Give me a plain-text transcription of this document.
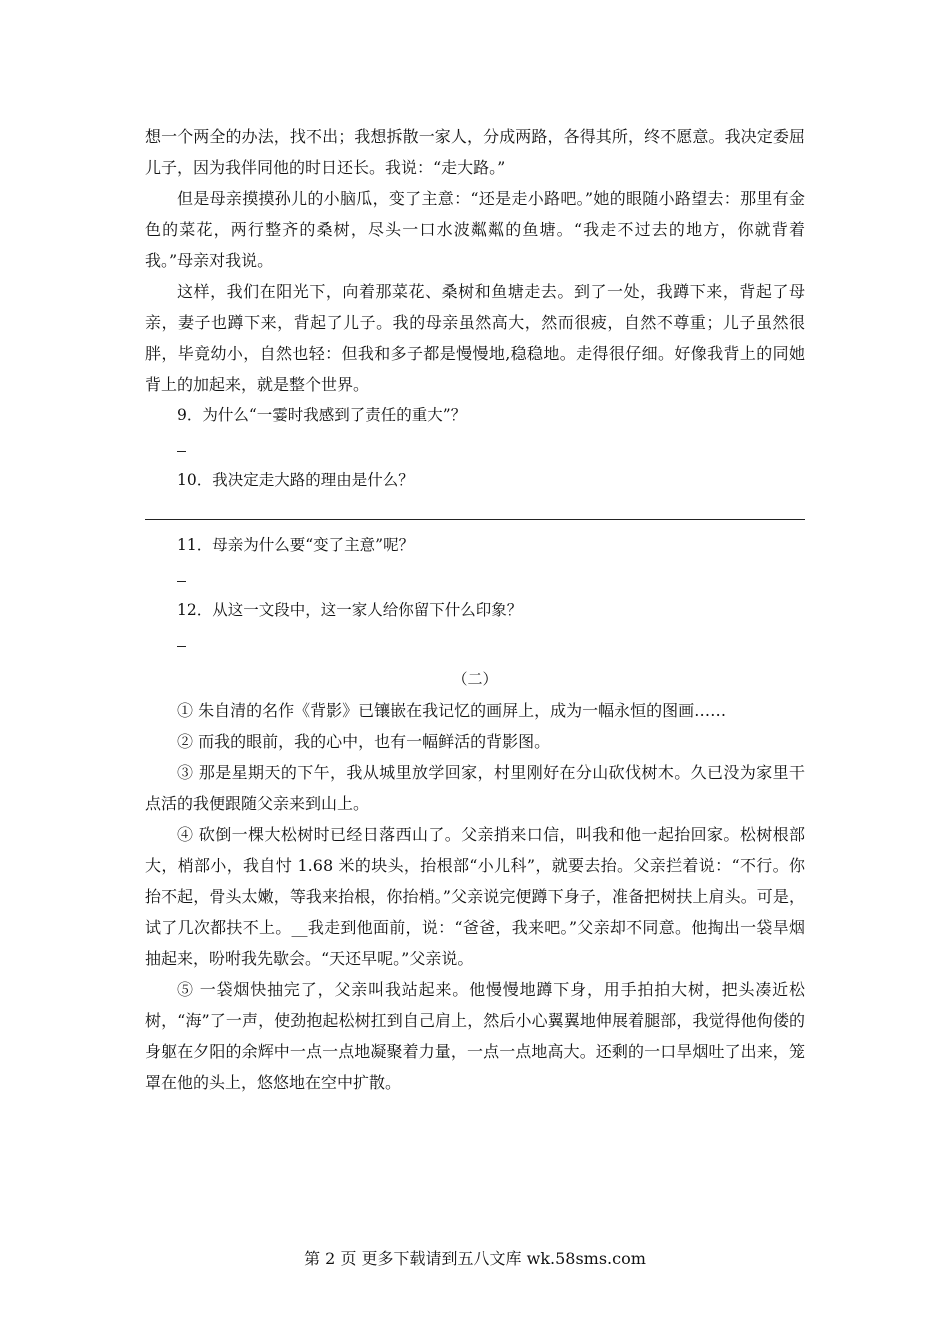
想一个两全的办法，找不出；我想拆散一家人，分成两路，各得其所，终不愿意。我决定委屈儿子，因为我伴同他的时日还长。我说：“走大路。”

但是母亲摸摸孙儿的小脑瓜，变了主意：“还是走小路吧。”她的眼随小路望去：那里有金色的菜花，两行整齐的桑树，尽头一口水波粼粼的鱼塘。“我走不过去的地方，你就背着我。”母亲对我说。

这样，我们在阳光下，向着那菜花、桑树和鱼塘走去。到了一处，我蹲下来，背起了母亲，妻子也蹲下来，背起了儿子。我的母亲虽然高大，然而很疲，自然不尊重；儿子虽然很胖，毕竟幼小，自然也轻：但我和多子都是慢慢地,稳稳地。走得很仔细。好像我背上的同她背上的加起来，就是整个世界。

9．为什么“一霎时我感到了责任的重大”？

10．我决定走大路的理由是什么？

11．母亲为什么要“变了主意”呢？

12．从这一文段中，这一家人给你留下什么印象？

（二）

① 朱自清的名作《背影》已镶嵌在我记忆的画屏上，成为一幅永恒的图画……

② 而我的眼前，我的心中，也有一幅鲜活的背影图。

③ 那是星期天的下午，我从城里放学回家，村里刚好在分山砍伐树木。久已没为家里干点活的我便跟随父亲来到山上。

④ 砍倒一棵大松树时已经日落西山了。父亲捎来口信，叫我和他一起抬回家。松树根部大，梢部小，我自忖 1.68 米的块头，抬根部“小儿科”，就要去抬。父亲拦着说：“不行。你抬不起，骨头太嫩，等我来抬根，你抬梢。”父亲说完便蹲下身子，准备把树扶上肩头。可是，试了几次都扶不上。__我走到他面前，说：“爸爸，我来吧。”父亲却不同意。他掏出一袋旱烟抽起来，吩咐我先歇会。“天还早呢。”父亲说。

⑤ 一袋烟快抽完了，父亲叫我站起来。他慢慢地蹲下身，用手拍拍大树，把头凑近松树，“海”了一声，使劲抱起松树扛到自己肩上，然后小心翼翼地伸展着腿部，我觉得他佝偻的身躯在夕阳的余辉中一点一点地凝聚着力量，一点一点地高大。还剩的一口旱烟吐了出来，笼罩在他的头上，悠悠地在空中扩散。

第 2 页 更多下载请到五八文库 wk.58sms.com
